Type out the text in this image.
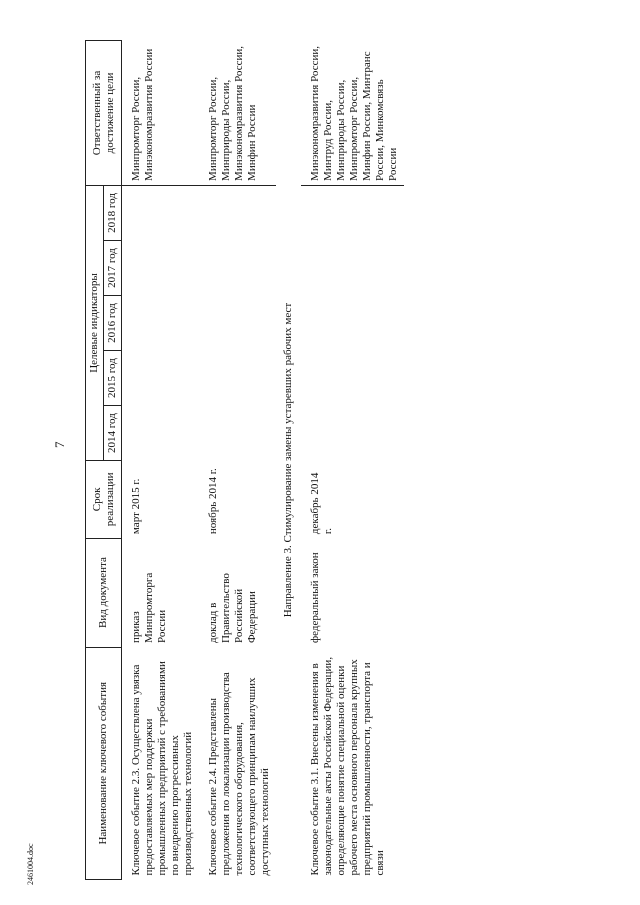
7
2461004.doc
Наименование ключевого события	Вид документа	Срок реализации	Целевые индикаторы					Ответственный за достижение цели
			2014 год	2015 год	2016 год	2017 год	2018 год	
Ключевое событие 2.3. Осуществлена увязка предоставляемых мер поддержки промышленных предприятий с требованиями по внедрению прогрессивных производственных технологий	приказ Минпромторга России	март 2015 г.						Минпромторг России, Минэкономразвития России
Ключевое событие 2.4. Представлены предложения по локализации производства технологического оборудования, соответствующего принципам наилучших доступных технологий	доклад в Правительство Российской Федерации	ноябрь 2014 г.						Минпромторг России, Минприроды России, Минэкономразвития России, Минфин России
Направление 3. Стимулирование замены устаревших рабочих мест								
Ключевое событие 3.1. Внесены изменения в законодательные акты Российской Федерации, определяющие понятие специальной оценки рабочего места основного персонала крупных предприятий промышленности, транспорта и связи	федеральный закон	декабрь 2014 г.						Минэкономразвития России, Минтруд России, Минприроды России, Минпромторг России, Минфин России, Минтранс России, Минкомсвязь России
